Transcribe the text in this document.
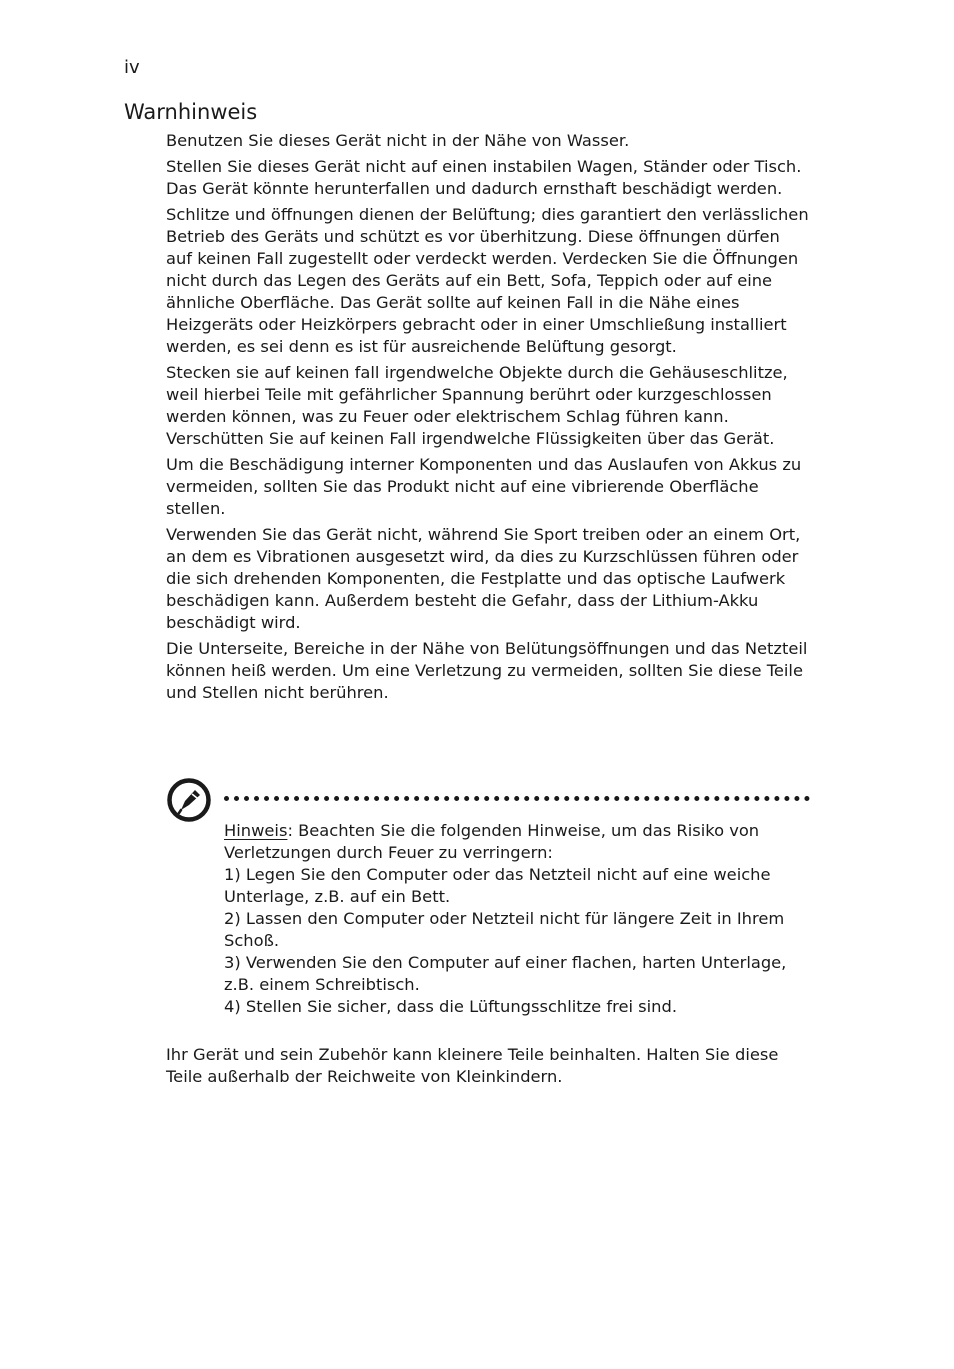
iv
Warnhinweis

Benutzen Sie dieses Gerät nicht in der Nähe von Wasser.

Stellen Sie dieses Gerät nicht auf einen instabilen Wagen, Ständer oder Tisch. Das Gerät könnte herunterfallen und dadurch ernsthaft beschädigt werden.

Schlitze und öffnungen dienen der Belüftung; dies garantiert den verlässlichen Betrieb des Geräts und schützt es vor überhitzung. Diese öffnungen dürfen auf keinen Fall zugestellt oder verdeckt werden. Verdecken Sie die Öffnungen nicht durch das Legen des Geräts auf ein Bett, Sofa, Teppich oder auf eine ähnliche Oberfläche. Das Gerät sollte auf keinen Fall in die Nähe eines Heizgeräts oder Heizkörpers gebracht oder in einer Umschließung installiert werden, es sei denn es ist für ausreichende Belüftung gesorgt.

Stecken sie auf keinen fall irgendwelche Objekte durch die Gehäuseschlitze, weil hierbei Teile mit gefährlicher Spannung berührt oder kurzgeschlossen werden können, was zu Feuer oder elektrischem Schlag führen kann. Verschütten Sie auf keinen Fall irgendwelche Flüssigkeiten über das Gerät.

Um die Beschädigung interner Komponenten und das Auslaufen von Akkus zu vermeiden, sollten Sie das Produkt nicht auf eine vibrierende Oberfläche stellen.

Verwenden Sie das Gerät nicht, während Sie Sport treiben oder an einem Ort, an dem es Vibrationen ausgesetzt wird, da dies zu Kurzschlüssen führen oder die sich drehenden Komponenten, die Festplatte und das optische Laufwerk beschädigen kann. Außerdem besteht die Gefahr, dass der Lithium-Akku beschädigt wird.

Die Unterseite, Bereiche in der Nähe von Belütungsöffnungen und das Netzteil können heiß werden. Um eine Verletzung zu vermeiden, sollten Sie diese Teile und Stellen nicht berühren.

Hinweis: Beachten Sie die folgenden Hinweise, um das Risiko von Verletzungen durch Feuer zu verringern:
1) Legen Sie den Computer oder das Netzteil nicht auf eine weiche Unterlage, z.B. auf ein Bett.
2) Lassen den Computer oder Netzteil nicht für längere Zeit in Ihrem Schoß.
3) Verwenden Sie den Computer auf einer flachen, harten Unterlage, z.B. einem Schreibtisch.
4) Stellen Sie sicher, dass die Lüftungsschlitze frei sind.

Ihr Gerät und sein Zubehör kann kleinere Teile beinhalten. Halten Sie diese Teile außerhalb der Reichweite von Kleinkindern.
